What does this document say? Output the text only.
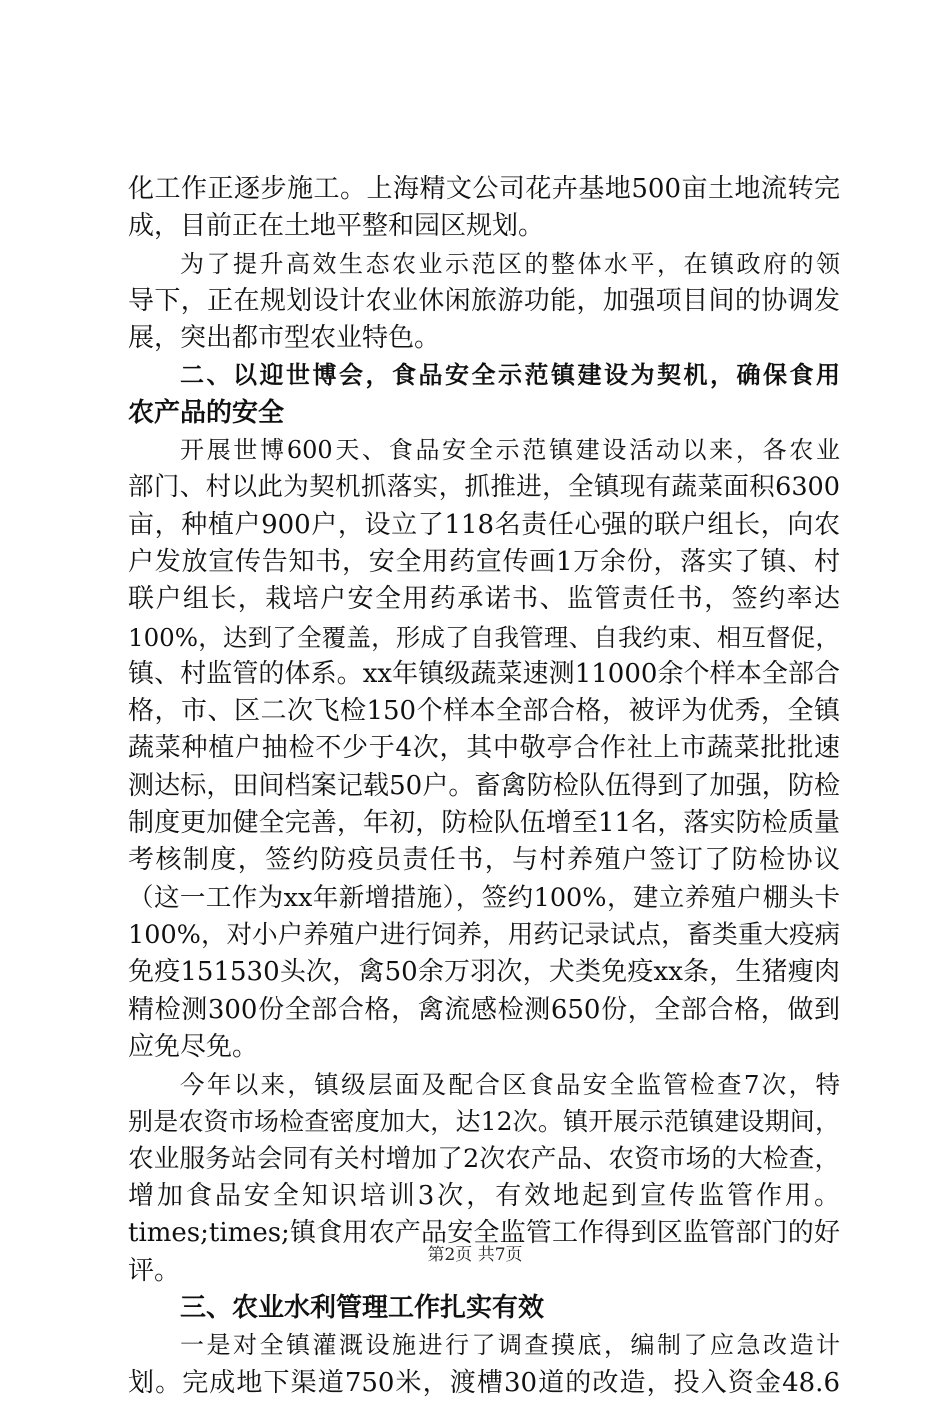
化工作正逐步施工。上海精文公司花卉基地500亩土地流转完
成，目前正在土地平整和园区规划。
为了提升高效生态农业示范区的整体水平，在镇政府的领
导下，正在规划设计农业休闲旅游功能，加强项目间的协调发
展，突出都市型农业特色。
二、以迎世博会，食品安全示范镇建设为契机，确保食用
农产品的安全
开展世博600天、食品安全示范镇建设活动以来，各农业
部门、村以此为契机抓落实，抓推进，全镇现有蔬菜面积6300
亩，种植户900户，设立了118名责任心强的联户组长，向农
户发放宣传告知书，安全用药宣传画1万余份，落实了镇、村
联户组长，栽培户安全用药承诺书、监管责任书，签约率达
100%，达到了全覆盖，形成了自我管理、自我约束、相互督促，
镇、村监管的体系。xx年镇级蔬菜速测11000余个样本全部合
格，市、区二次飞检150个样本全部合格，被评为优秀，全镇
蔬菜种植户抽检不少于4次，其中敬亭合作社上市蔬菜批批速
测达标，田间档案记载50户。畜禽防检队伍得到了加强，防检
制度更加健全完善，年初，防检队伍增至11名，落实防检质量
考核制度，签约防疫员责任书，与村养殖户签订了防检协议
（这一工作为xx年新增措施），签约100%，建立养殖户棚头卡
100%，对小户养殖户进行饲养，用药记录试点，畜类重大疫病
免疫151530头次，禽50余万羽次，犬类免疫xx条，生猪瘦肉
精检测300份全部合格，禽流感检测650份，全部合格，做到
应免尽免。
今年以来，镇级层面及配合区食品安全监管检查7次，特
别是农资市场检查密度加大，达12次。镇开展示范镇建设期间，
农业服务站会同有关村增加了2次农产品、农资市场的大检查，
增加食品安全知识培训3次，有效地起到宣传监管作用。
times;times;镇食用农产品安全监管工作得到区监管部门的好
评。
三、农业水利管理工作扎实有效
一是对全镇灌溉设施进行了调查摸底，编制了应急改造计
划。完成地下渠道750米，渡槽30道的改造，投入资金48.6
第2页 共7页
